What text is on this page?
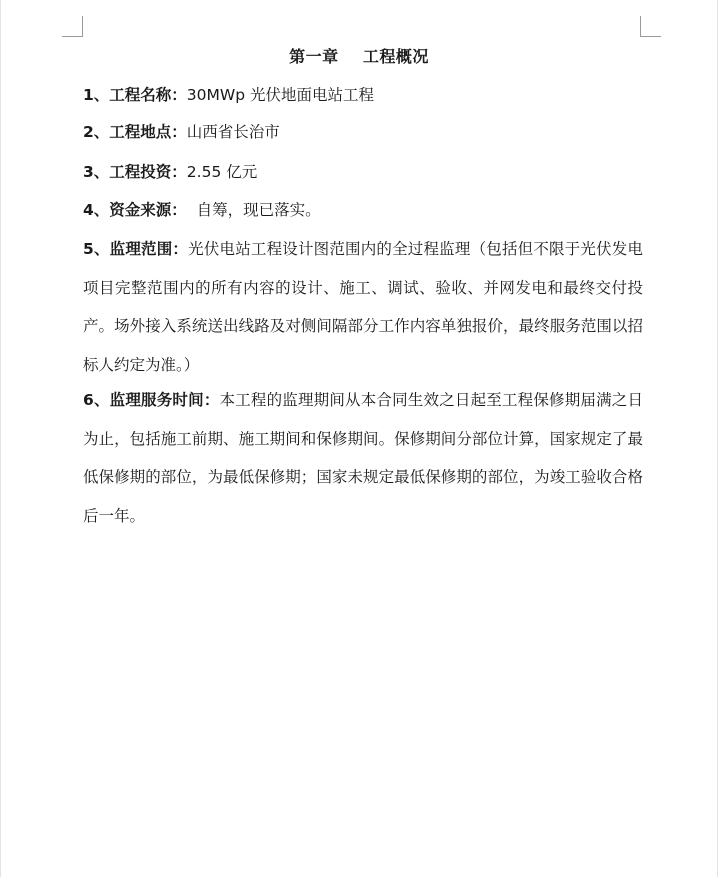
第一章    工程概况

1、工程名称：30MWp 光伏地面电站工程

2、工程地点：山西省长治市

3、工程投资：2.55 亿元

4、资金来源：  自筹，现已落实。

5、监理范围：光伏电站工程设计图范围内的全过程监理（包括但不限于光伏发电项目完整范围内的所有内容的设计、施工、调试、验收、并网发电和最终交付投产。场外接入系统送出线路及对侧间隔部分工作内容单独报价，最终服务范围以招标人约定为准。）

6、监理服务时间：本工程的监理期间从本合同生效之日起至工程保修期届满之日为止，包括施工前期、施工期间和保修期间。保修期间分部位计算，国家规定了最低保修期的部位，为最低保修期；国家未规定最低保修期的部位，为竣工验收合格后一年。
